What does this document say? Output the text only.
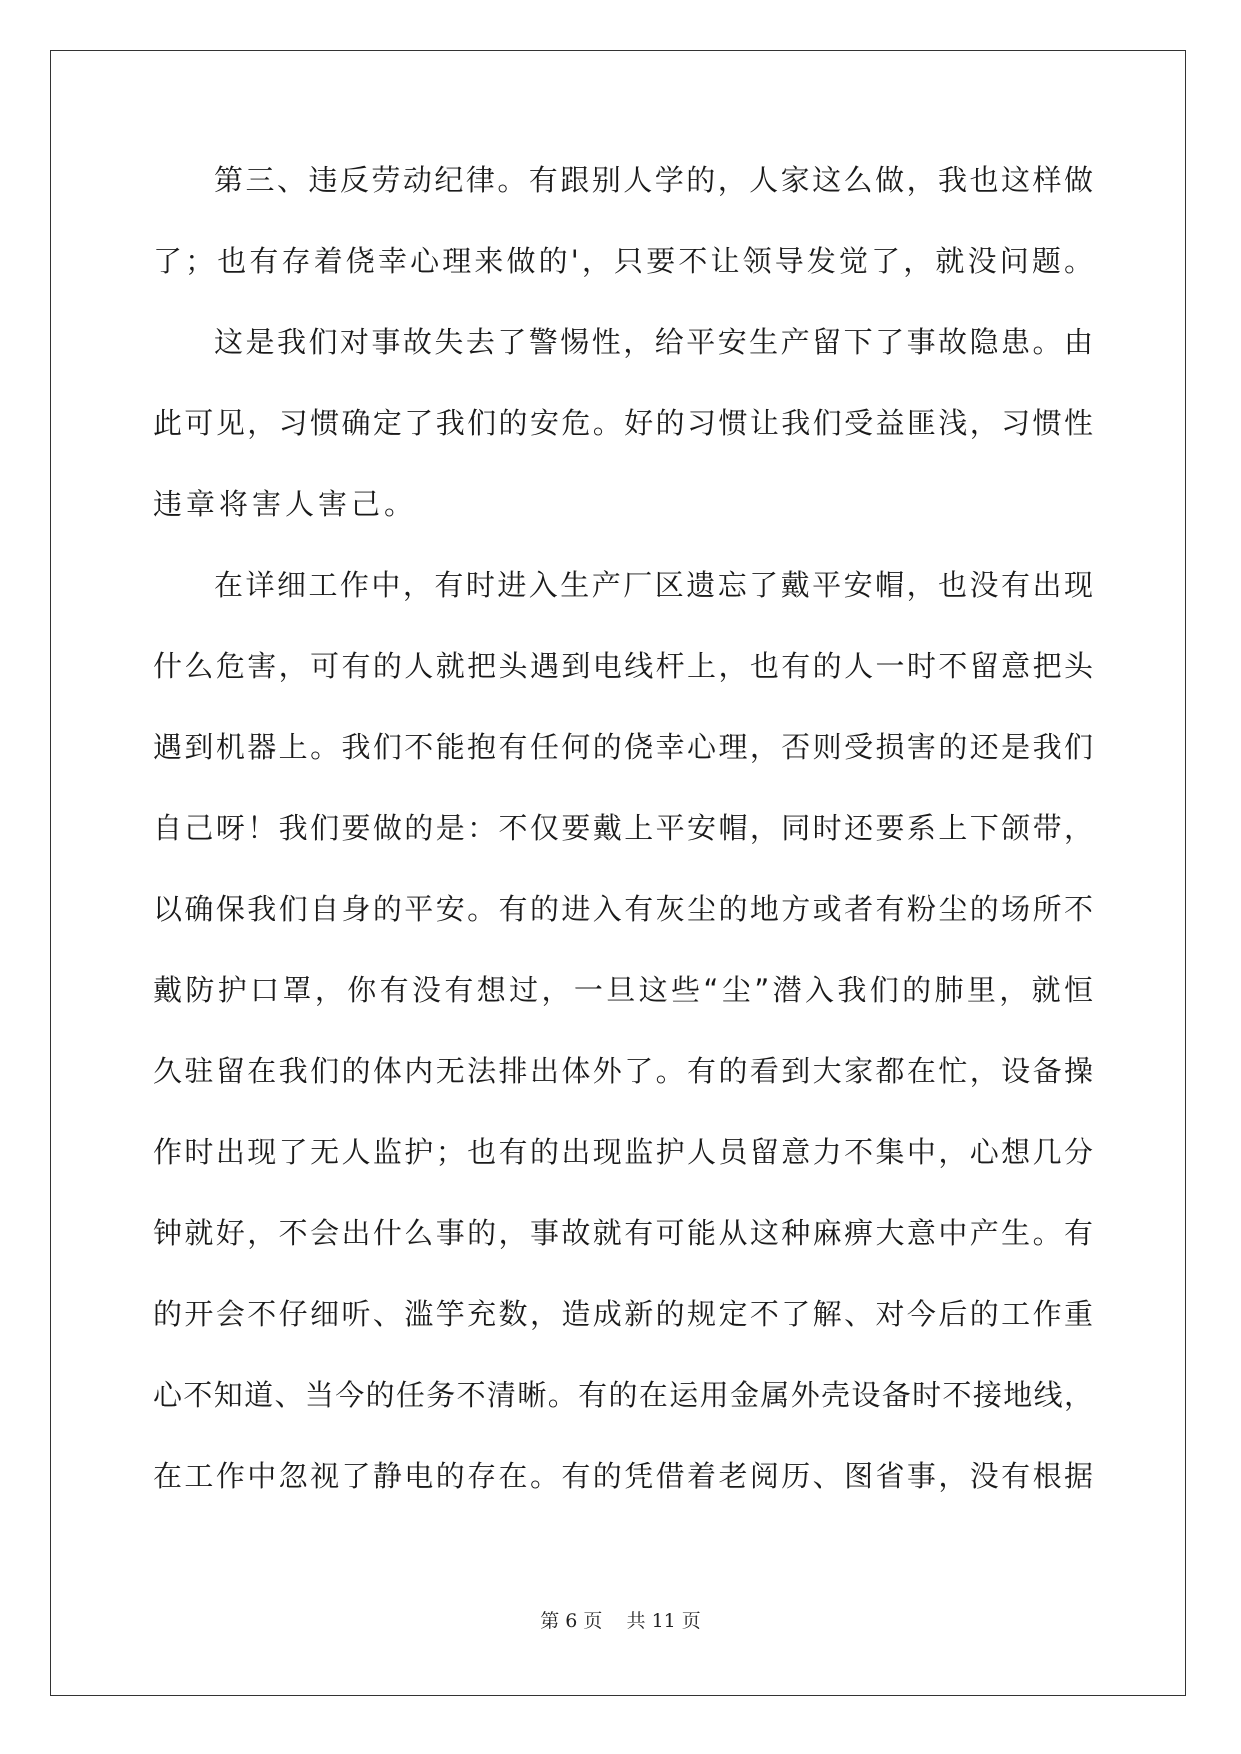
第三、违反劳动纪律。有跟别人学的，人家这么做，我也这样做
了；也有存着侥幸心理来做的'，只要不让领导发觉了，就没问题。
这是我们对事故失去了警惕性，给平安生产留下了事故隐患。由
此可见，习惯确定了我们的安危。好的习惯让我们受益匪浅，习惯性
违章将害人害己。
在详细工作中，有时进入生产厂区遗忘了戴平安帽，也没有出现
什么危害，可有的人就把头遇到电线杆上，也有的人一时不留意把头
遇到机器上。我们不能抱有任何的侥幸心理，否则受损害的还是我们
自己呀！我们要做的是：不仅要戴上平安帽，同时还要系上下颌带，
以确保我们自身的平安。有的进入有灰尘的地方或者有粉尘的场所不
戴防护口罩，你有没有想过，一旦这些“尘”潜入我们的肺里，就恒
久驻留在我们的体内无法排出体外了。有的看到大家都在忙，设备操
作时出现了无人监护；也有的出现监护人员留意力不集中，心想几分
钟就好，不会出什么事的，事故就有可能从这种麻痹大意中产生。有
的开会不仔细听、滥竽充数，造成新的规定不了解、对今后的工作重
心不知道、当今的任务不清晰。有的在运用金属外壳设备时不接地线，
在工作中忽视了静电的存在。有的凭借着老阅历、图省事，没有根据
第 6 页    共 11 页
